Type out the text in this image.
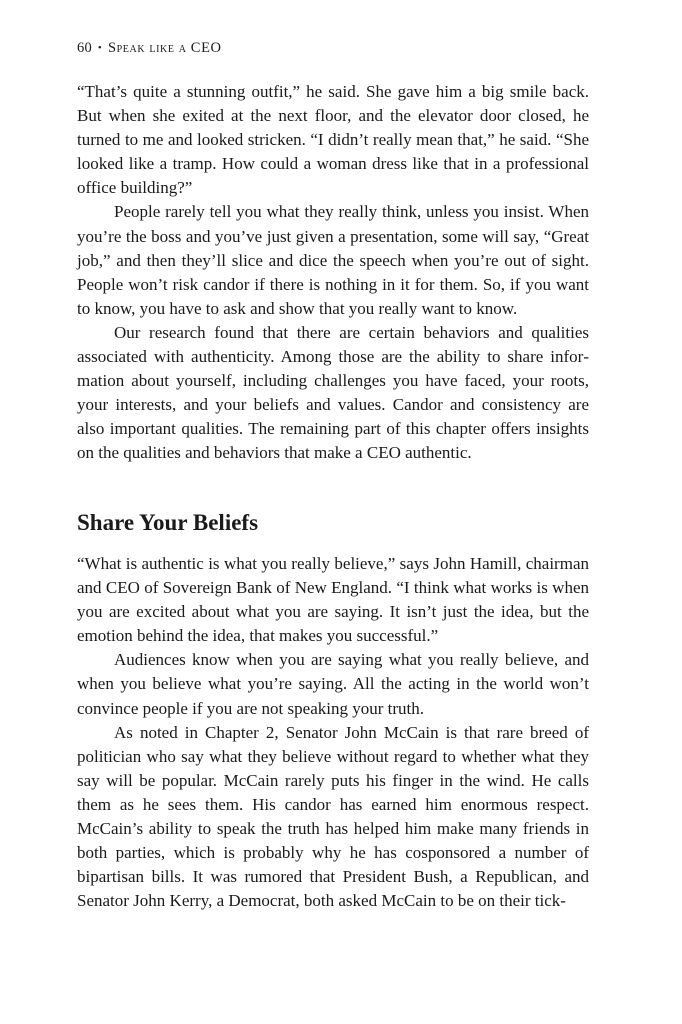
60 • Speak like a CEO

“That’s quite a stunning outfit,” he said. She gave him a big smile back. But when she exited at the next floor, and the elevator door closed, he turned to me and looked stricken. “I didn’t really mean that,” he said. “She looked like a tramp. How could a woman dress like that in a professional office building?”

People rarely tell you what they really think, unless you insist. When you’re the boss and you’ve just given a presentation, some will say, “Great job,” and then they’ll slice and dice the speech when you’re out of sight. People won’t risk candor if there is nothing in it for them. So, if you want to know, you have to ask and show that you really want to know.

Our research found that there are certain behaviors and qualities associated with authenticity. Among those are the ability to share information about yourself, including challenges you have faced, your roots, your interests, and your beliefs and values. Candor and consistency are also important qualities. The remaining part of this chapter offers insights on the qualities and behaviors that make a CEO authentic.

Share Your Beliefs

“What is authentic is what you really believe,” says John Hamill, chairman and CEO of Sovereign Bank of New England. “I think what works is when you are excited about what you are saying. It isn’t just the idea, but the emotion behind the idea, that makes you successful.”

Audiences know when you are saying what you really believe, and when you believe what you’re saying. All the acting in the world won’t convince people if you are not speaking your truth.

As noted in Chapter 2, Senator John McCain is that rare breed of politician who say what they believe without regard to whether what they say will be popular. McCain rarely puts his finger in the wind. He calls them as he sees them. His candor has earned him enormous respect. McCain’s ability to speak the truth has helped him make many friends in both parties, which is probably why he has cosponsored a number of bipartisan bills. It was rumored that President Bush, a Republican, and Senator John Kerry, a Democrat, both asked McCain to be on their tick-
